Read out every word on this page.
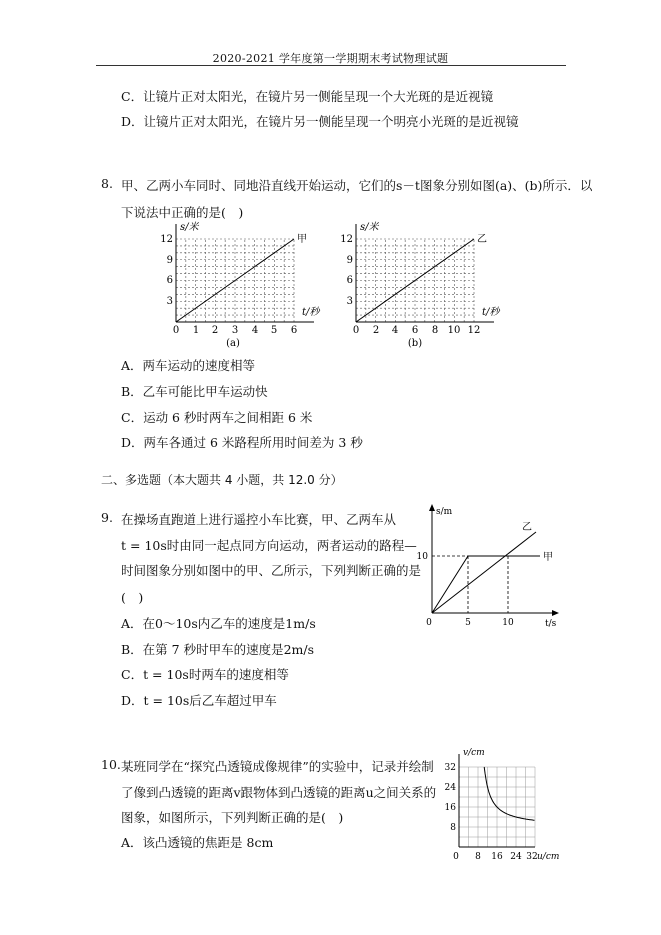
2020-2021 学年度第一学期期末考试物理试题
C．让镜片正对太阳光，在镜片另一侧能呈现一个大光斑的是近视镜
D．让镜片正对太阳光，在镜片另一侧能呈现一个明亮小光斑的是近视镜
8. 甲、乙两小车同时、同地沿直线开始运动，它们的s－t图象分别如图(a)、(b)所示．以
下说法中正确的是(　)
s/米
t/秒
甲
3
6
9
12
0 1 2 3 4 5 6
(a)
s/米
t/秒
乙
3
6
9
12
0 2 4 6 8 10 12
(b)
A．两车运动的速度相等
B．乙车可能比甲车运动快
C．运动 6 秒时两车之间相距 6 米
D．两车各通过 6 米路程所用时间差为 3 秒
二、多选题（本大题共 4 小题，共 12.0 分）
9. 在操场直跑道上进行遥控小车比赛，甲、乙两车从
t = 10s时由同一起点同方向运动，两者运动的路程—
时间图象分别如图中的甲、乙所示，下列判断正确的是
(　)
A．在0～10s内乙车的速度是1m/s
B．在第 7 秒时甲车的速度是2m/s
C．t = 10s时两车的速度相等
D．t = 10s后乙车超过甲车
s/m
t/s
甲
乙
10
0	5	10
10. 某班同学在“探究凸透镜成像规律”的实验中，记录并绘制
了像到凸透镜的距离v跟物体到凸透镜的距离u之间关系的
图象，如图所示，下列判断正确的是(　)
A．该凸透镜的焦距是 8cm
v/cm
u/cm
8
16
24
32
0 8 16 24 32
